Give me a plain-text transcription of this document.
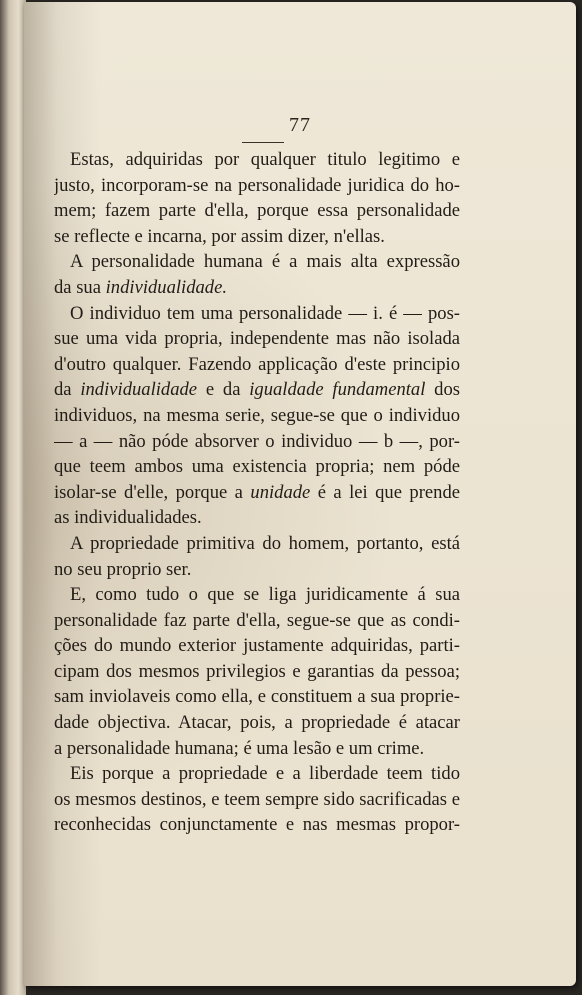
77
Estas, adquiridas por qualquer titulo legitimo e
justo, incorporam-se na personalidade juridica do ho-
mem; fazem parte d'ella, porque essa personalidade
se reflecte e incarna, por assim dizer, n'ellas.
A personalidade humana é a mais alta expressão
da sua individualidade.
O individuo tem uma personalidade — i. é — pos-
sue uma vida propria, independente mas não isolada
d'outro qualquer. Fazendo applicação d'este principio
da individualidade e da igualdade fundamental dos
individuos, na mesma serie, segue-se que o individuo
— a — não póde absorver o individuo — b —, por-
que teem ambos uma existencia propria; nem póde
isolar-se d'elle, porque a unidade é a lei que prende
as individualidades.
A propriedade primitiva do homem, portanto, está
no seu proprio ser.
E, como tudo o que se liga juridicamente á sua
personalidade faz parte d'ella, segue-se que as condi-
ções do mundo exterior justamente adquiridas, parti-
cipam dos mesmos privilegios e garantias da pessoa;
sam inviolaveis como ella, e constituem a sua proprie-
dade objectiva. Atacar, pois, a propriedade é atacar
a personalidade humana; é uma lesão e um crime.
Eis porque a propriedade e a liberdade teem tido
os mesmos destinos, e teem sempre sido sacrificadas e
reconhecidas conjunctamente e nas mesmas propor-
